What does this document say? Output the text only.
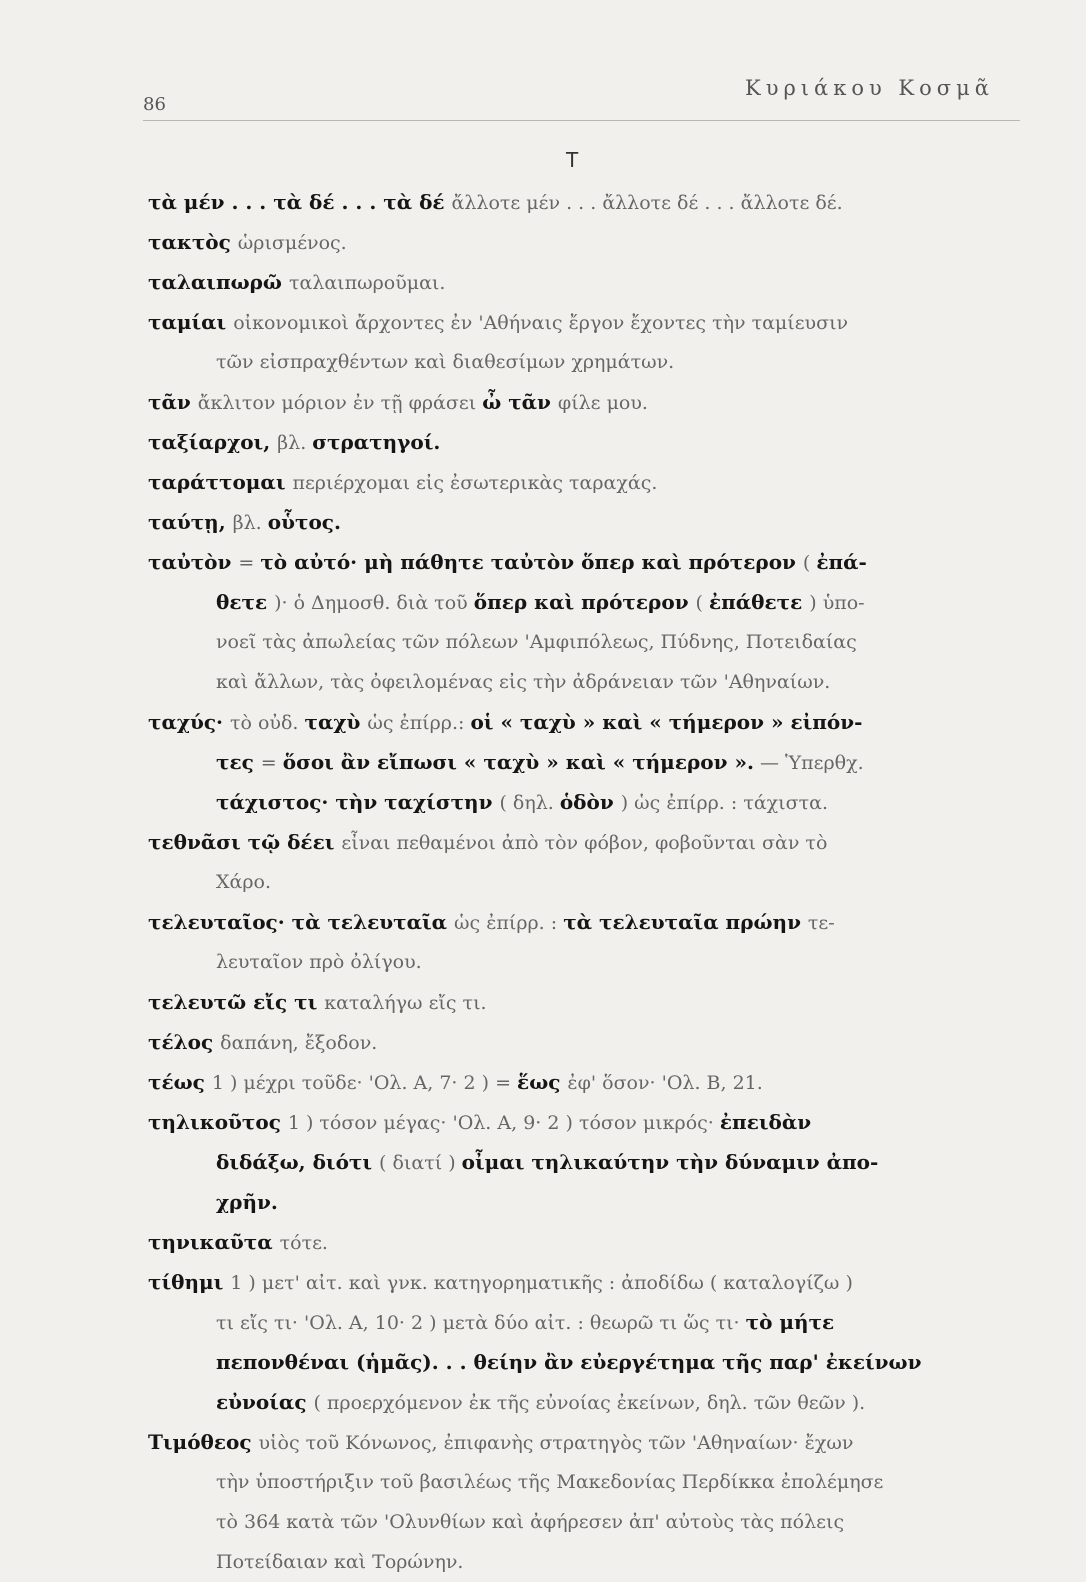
86
Κυριάκου Κοσμᾶ
Τ
τὰ μέν . . . τὰ δέ . . . τὰ δέ ἄλλοτε μέν . . . ἄλλοτε δέ . . . ἄλλοτε δέ.
τακτὸς ὡρισμένος.
ταλαιπωρῶ ταλαιπωροῦμαι.
ταμίαι οἰκονομικοὶ ἄρχοντες ἐν 'Αθήναις ἔργον ἔχοντες τὴν ταμίευσιν
τῶν εἰσπραχθέντων καὶ διαθεσίμων χρημάτων.
τᾶν ἄκλιτον μόριον ἐν τῇ φράσει ὦ τᾶν φίλε μου.
ταξίαρχοι, βλ. στρατηγοί.
ταράττομαι περιέρχομαι εἰς ἐσωτερικὰς ταραχάς.
ταύτῃ, βλ. οὗτος.
ταὐτὸν = τὸ αὐτό· μὴ πάθητε ταὐτὸν ὅπερ καὶ πρότερον ( ἐπά-
θετε )· ὁ Δημοσθ. διὰ τοῦ ὅπερ καὶ πρότερον ( ἐπάθετε ) ὑπο-
νοεῖ τὰς ἀπωλείας τῶν πόλεων 'Αμφιπόλεως, Πύδνης, Ποτειδαίας
καὶ ἄλλων, τὰς ὀφειλομένας εἰς τὴν ἀδράνειαν τῶν 'Αθηναίων.
ταχύς· τὸ οὐδ. ταχὺ ὡς ἐπίρρ.: οἱ « ταχὺ » καὶ « τήμερον » εἰπόν-
τες = ὅσοι ἂν εἴπωσι « ταχὺ » καὶ « τήμερον ». — Ὑπερθχ.
τάχιστος· τὴν ταχίστην ( δηλ. ὁδὸν ) ὡς ἐπίρρ. : τάχιστα.
τεθνᾶσι τῷ δέει εἶναι πεθαμένοι ἀπὸ τὸν φόβον, φοβοῦνται σὰν τὸ
Χάρο.
τελευταῖος· τὰ τελευταῖα ὡς ἐπίρρ. : τὰ τελευταῖα πρώην τε-
λευταῖον πρὸ ὀλίγου.
τελευτῶ εἴς τι καταλήγω εἴς τι.
τέλος δαπάνη, ἔξοδον.
τέως 1 ) μέχρι τοῦδε· 'Ολ. Α, 7· 2 ) = ἕως ἐφ' ὅσον· 'Ολ. Β, 21.
τηλικοῦτος 1 ) τόσον μέγας· 'Ολ. Α, 9· 2 ) τόσον μικρός· ἐπειδὰν
διδάξω, διότι ( διατί ) οἶμαι τηλικαύτην τὴν δύναμιν ἀπο-
χρῆν.
τηνικαῦτα τότε.
τίθημι 1 ) μετ' αἰτ. καὶ γνκ. κατηγορηματικῆς : ἀποδίδω ( καταλογίζω )
τι εἴς τι· 'Ολ. Α, 10· 2 ) μετὰ δύο αἰτ. : θεωρῶ τι ὥς τι· τὸ μήτε
πεπονθέναι (ἡμᾶς). . . θείην ἂν εὐεργέτημα τῆς παρ' ἐκείνων
εὐνοίας ( προερχόμενον ἐκ τῆς εὐνοίας ἐκείνων, δηλ. τῶν θεῶν ).
Τιμόθεος υἱὸς τοῦ Κόνωνος, ἐπιφανὴς στρατηγὸς τῶν 'Αθηναίων· ἔχων
τὴν ὑποστήριξιν τοῦ βασιλέως τῆς Μακεδονίας Περδίκκα ἐπολέμησε
τὸ 364 κατὰ τῶν 'Ολυνθίων καὶ ἀφήρεσεν ἀπ' αὐτοὺς τὰς πόλεις
Ποτείδαιαν καὶ Τορώνην.
